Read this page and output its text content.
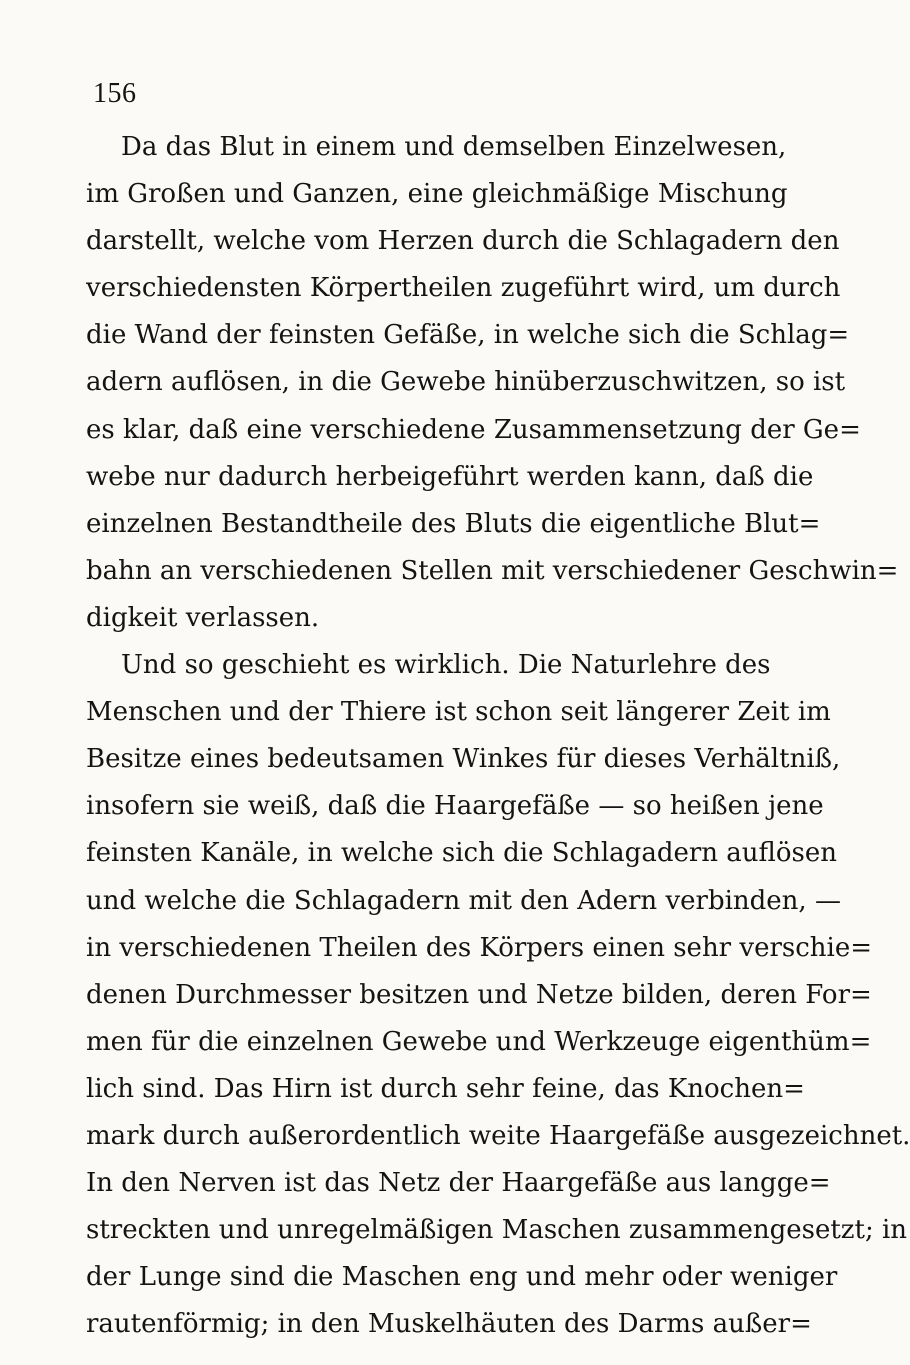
156
Da das Blut in einem und demselben Einzelwesen,
im Großen und Ganzen, eine gleichmäßige Mischung
darstellt, welche vom Herzen durch die Schlagadern den
verschiedensten Körpertheilen zugeführt wird, um durch
die Wand der feinsten Gefäße, in welche sich die Schlag=
adern auflösen, in die Gewebe hinüberzuschwitzen, so ist
es klar, daß eine verschiedene Zusammensetzung der Ge=
webe nur dadurch herbeigeführt werden kann, daß die
einzelnen Bestandtheile des Bluts die eigentliche Blut=
bahn an verschiedenen Stellen mit verschiedener Geschwin=
digkeit verlassen.
Und so geschieht es wirklich. Die Naturlehre des
Menschen und der Thiere ist schon seit längerer Zeit im
Besitze eines bedeutsamen Winkes für dieses Verhältniß,
insofern sie weiß, daß die Haargefäße — so heißen jene
feinsten Kanäle, in welche sich die Schlagadern auflösen
und welche die Schlagadern mit den Adern verbinden, —
in verschiedenen Theilen des Körpers einen sehr verschie=
denen Durchmesser besitzen und Netze bilden, deren For=
men für die einzelnen Gewebe und Werkzeuge eigenthüm=
lich sind. Das Hirn ist durch sehr feine, das Knochen=
mark durch außerordentlich weite Haargefäße ausgezeichnet.
In den Nerven ist das Netz der Haargefäße aus langge=
streckten und unregelmäßigen Maschen zusammengesetzt; in
der Lunge sind die Maschen eng und mehr oder weniger
rautenförmig; in den Muskelhäuten des Darms außer=
